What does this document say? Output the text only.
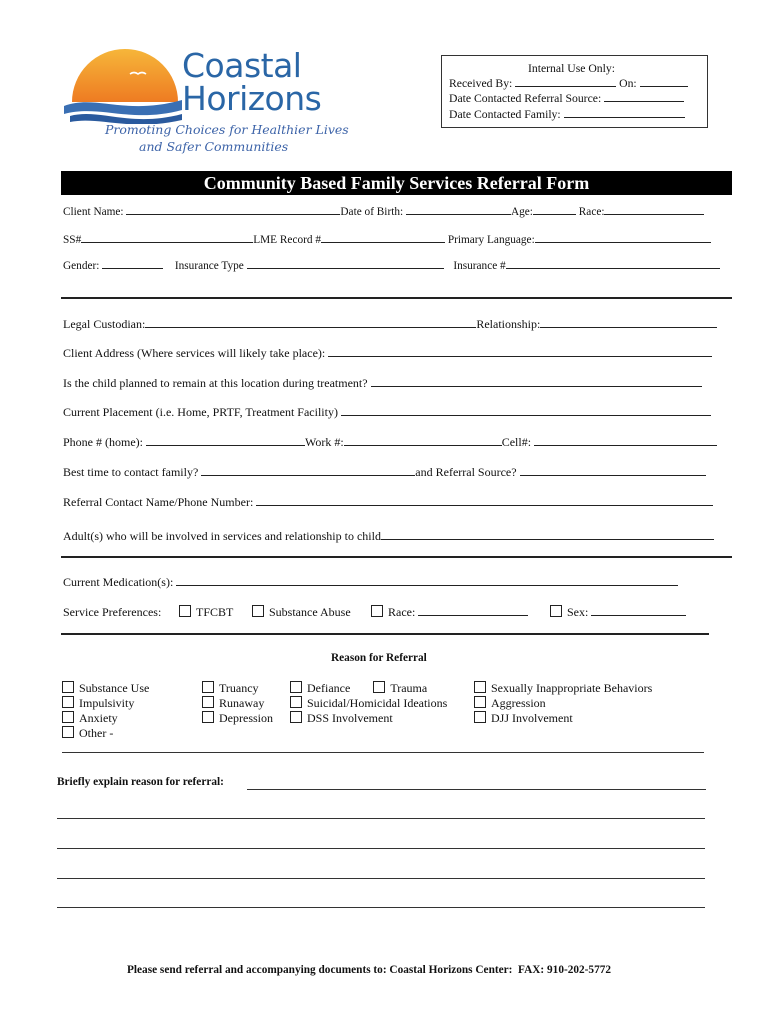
Coastal
Horizons
Promoting Choices for Healthier Lives
and Safer Communities
Internal Use Only:
Received By:	On:
Date Contacted Referral Source:
Date Contacted Family:
Community Based Family Services Referral Form
Client Name:	Date of Birth:	Age:	Race:
SS#	LME Record #	Primary Language:
Gender:	Insurance Type	Insurance #
Legal Custodian:	Relationship:
Client Address (Where services will likely take place):
Is the child planned to remain at this location during treatment?
Current Placement (i.e. Home, PRTF, Treatment Facility)
Phone # (home):	Work #:	Cell#:
Best time to contact family?	and Referral Source?
Referral Contact Name/Phone Number:
Adult(s) who will be involved in services and relationship to child
Current Medication(s):
Service Preferences:	TFCBT	Substance Abuse	Race:	Sex:
Reason for Referral
Substance Use
Impulsivity
Anxiety
Other -
Truancy
Runaway
Depression
Defiance	Trauma
Suicidal/Homicidal Ideations
DSS Involvement
Sexually Inappropriate Behaviors
Aggression
DJJ Involvement
Briefly explain reason for referral:
Please send referral and accompanying documents to: Coastal Horizons Center:  FAX: 910-202-5772
